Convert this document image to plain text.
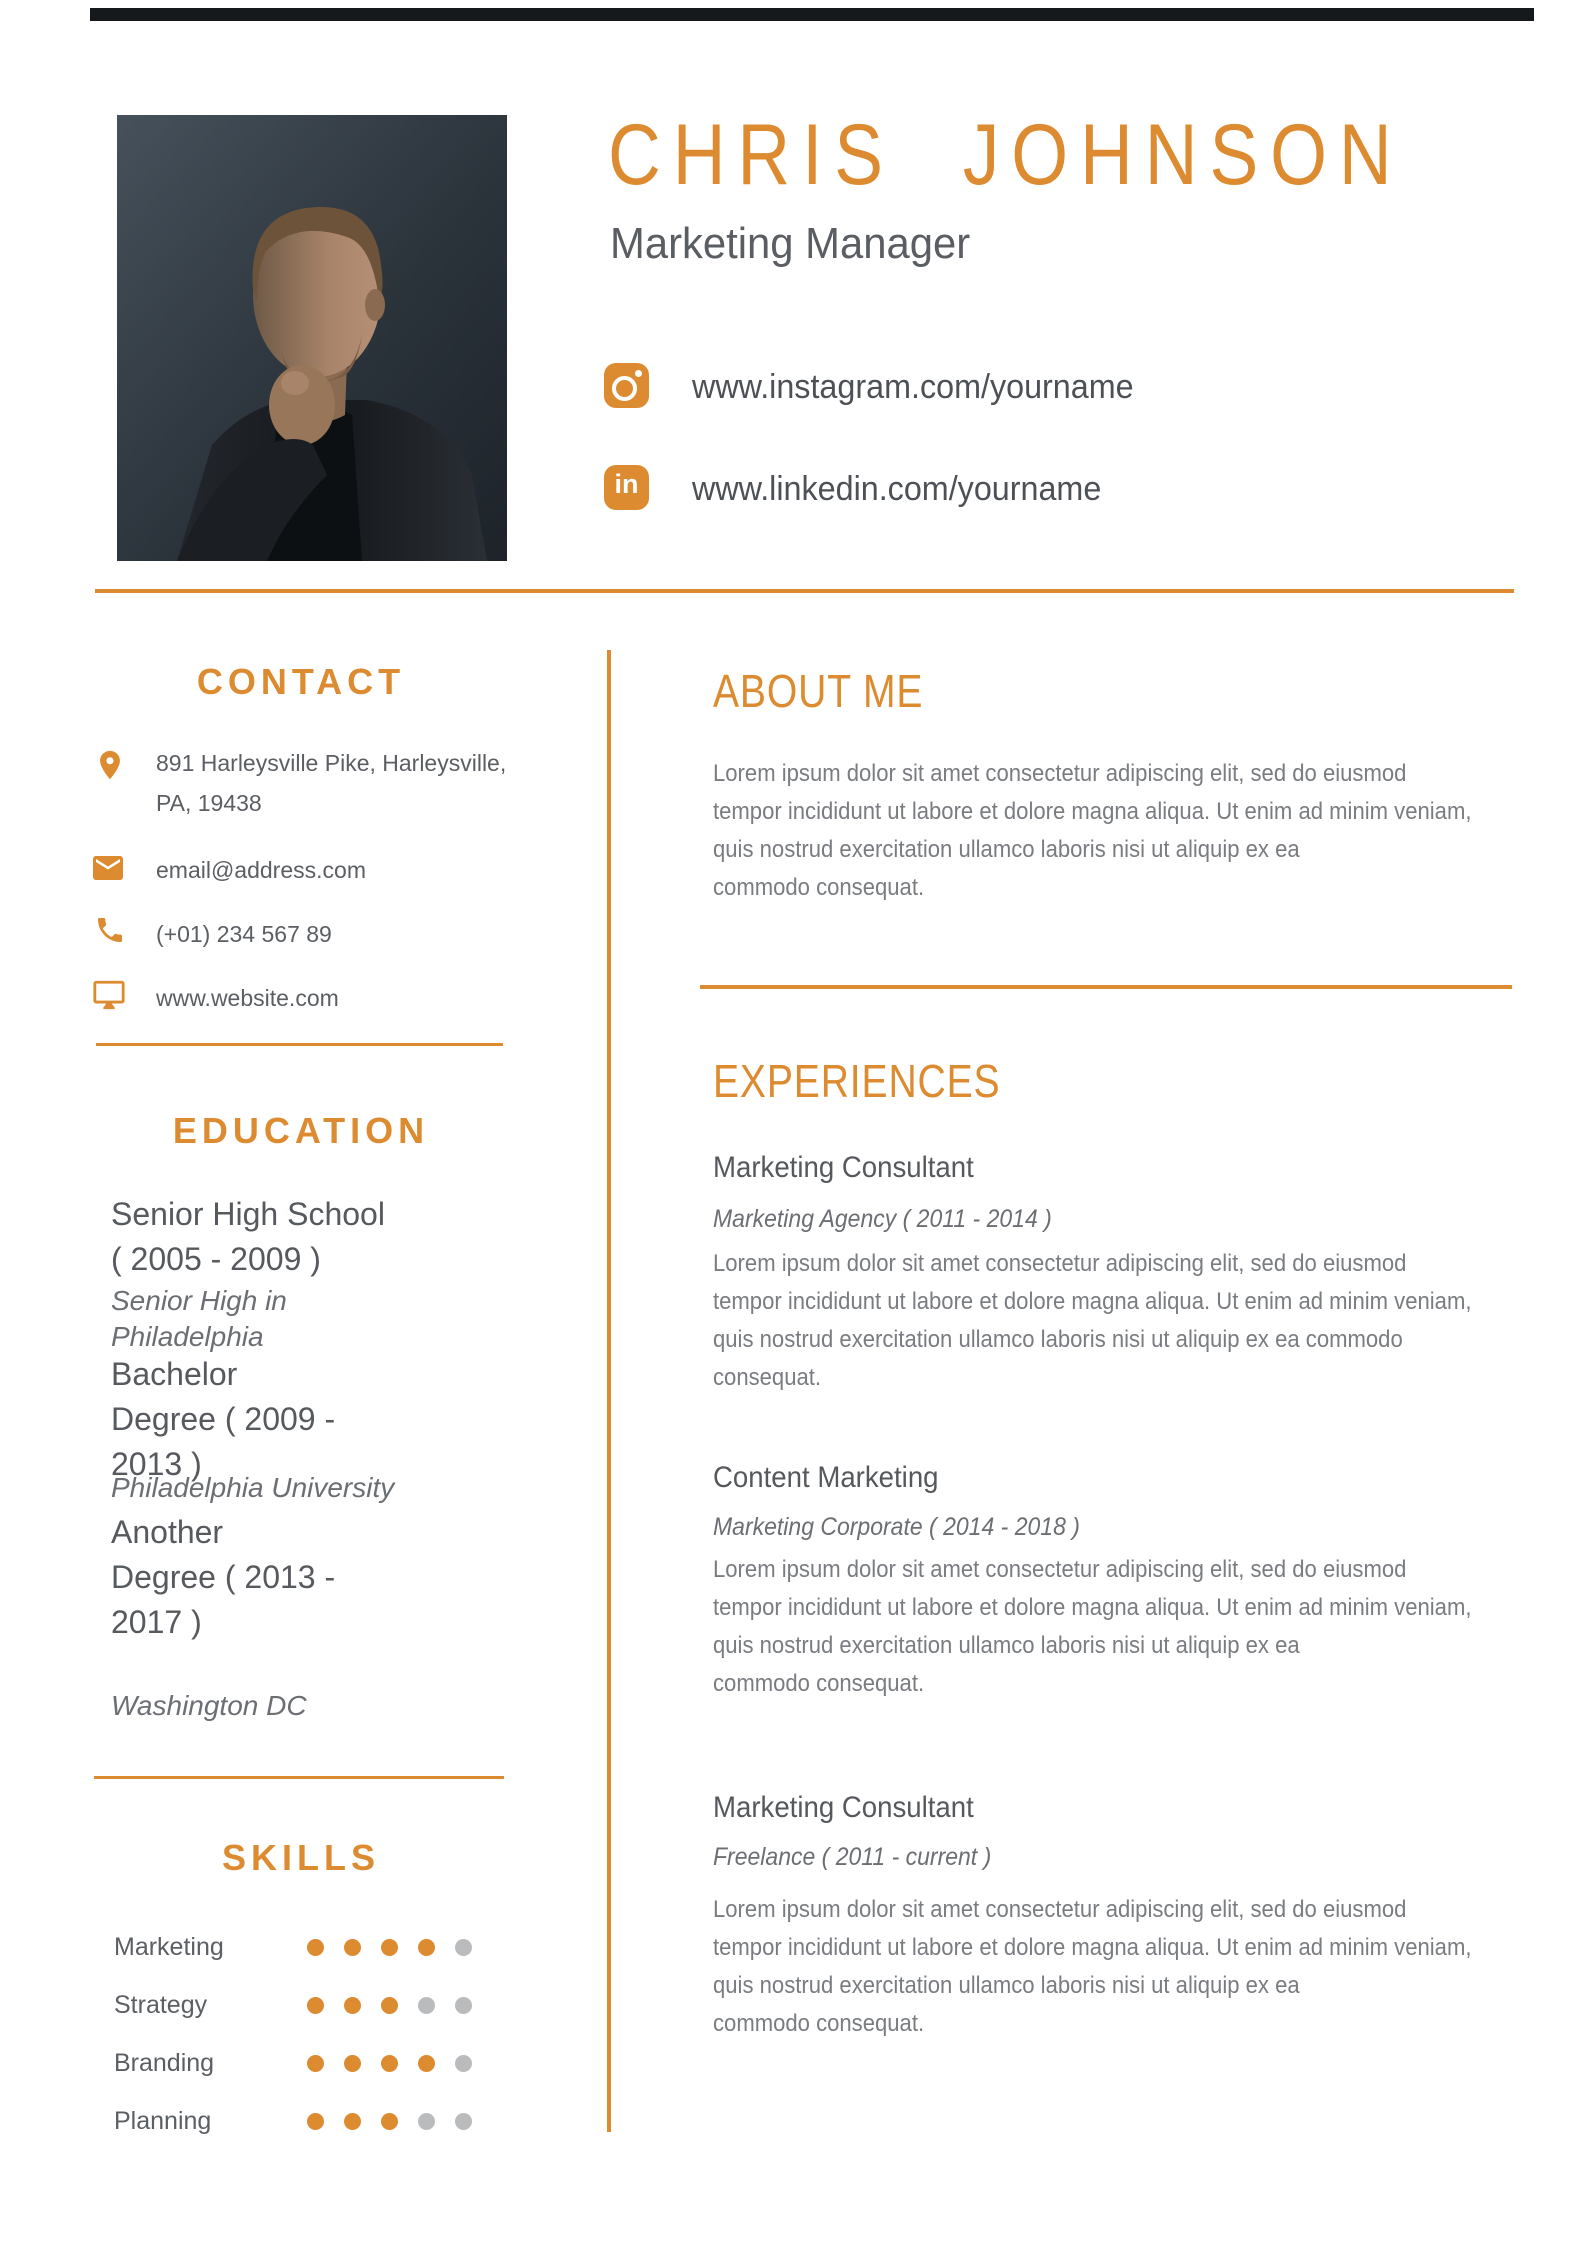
CHRIS JOHNSON
Marketing Manager
www.instagram.com/yourname
in	www.linkedin.com/yourname
CONTACT
891 Harleysville Pike, Harleysville,
PA, 19438
email@address.com
(+01) 234 567 89
www.website.com
EDUCATION
Senior High School
( 2005 - 2009 )
Senior High in
Philadelphia
Bachelor
Degree ( 2009 -
2013 )
Philadelphia University
Another
Degree ( 2013 -
2017 )
Washington DC
SKILLS
Marketing
Strategy
Branding
Planning
ABOUT ME
Lorem ipsum dolor sit amet consectetur adipiscing elit, sed do eiusmod
tempor incididunt ut labore et dolore magna aliqua. Ut enim ad minim veniam,
quis nostrud exercitation ullamco laboris nisi ut aliquip ex ea
commodo consequat.
EXPERIENCES
Marketing Consultant
Marketing Agency ( 2011 - 2014 )
Lorem ipsum dolor sit amet consectetur adipiscing elit, sed do eiusmod
tempor incididunt ut labore et dolore magna aliqua. Ut enim ad minim veniam,
quis nostrud exercitation ullamco laboris nisi ut aliquip ex ea commodo
consequat.
Content Marketing
Marketing Corporate ( 2014 - 2018 )
Lorem ipsum dolor sit amet consectetur adipiscing elit, sed do eiusmod
tempor incididunt ut labore et dolore magna aliqua. Ut enim ad minim veniam,
quis nostrud exercitation ullamco laboris nisi ut aliquip ex ea
commodo consequat.
Marketing Consultant
Freelance ( 2011 - current )
Lorem ipsum dolor sit amet consectetur adipiscing elit, sed do eiusmod
tempor incididunt ut labore et dolore magna aliqua. Ut enim ad minim veniam,
quis nostrud exercitation ullamco laboris nisi ut aliquip ex ea
commodo consequat.
